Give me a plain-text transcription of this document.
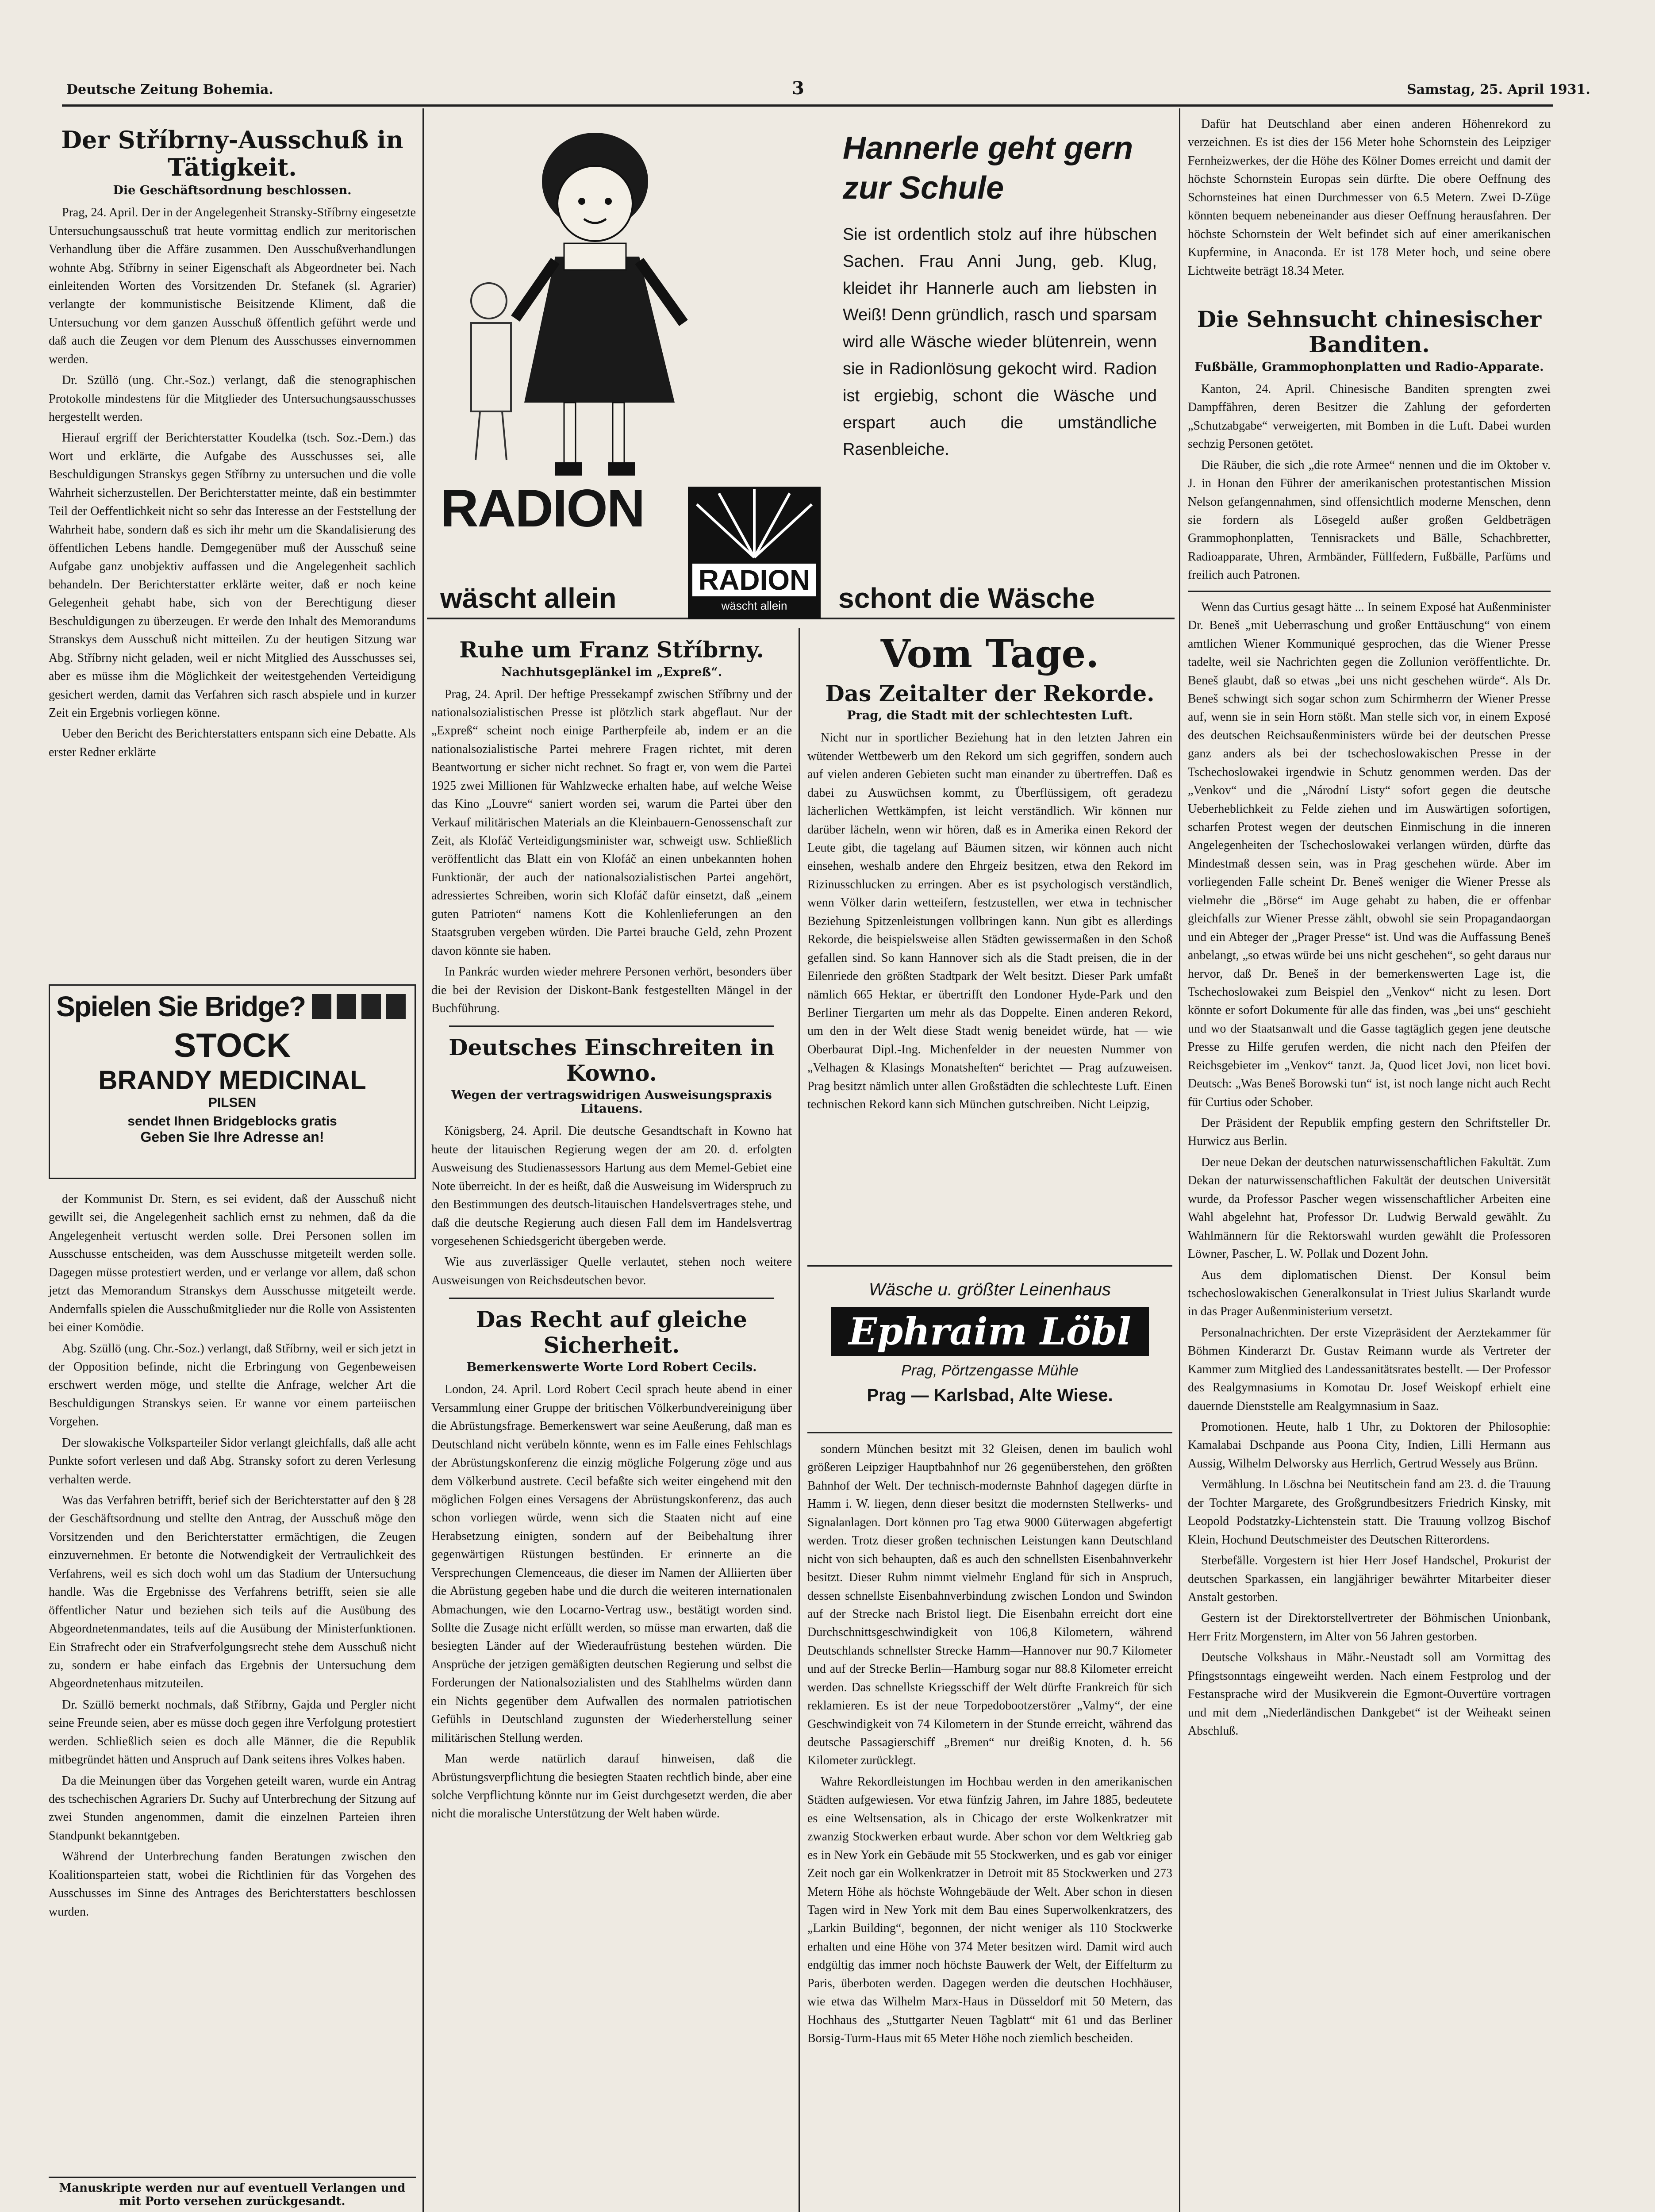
Deutsche Zeitung Bohemia.	3	Samstag, 25. April 1931.
Der Stříbrny-Ausschuß in Tätigkeit.
Die Geschäftsordnung beschlossen.

Prag, 24. April. Der in der Angelegenheit Stransky-Stříbrny eingesetzte Untersuchungsausschuß trat heute vormittag endlich zur meritorischen Verhandlung über die Affäre zusammen. Den Ausschußverhandlungen wohnte Abg. Stříbrny in seiner Eigenschaft als Abgeordneter bei. Nach einleitenden Worten des Vorsitzenden Dr. Stefanek (sl. Agrarier) verlangte der kommunistische Beisitzende Kliment, daß die Untersuchung vor dem ganzen Ausschuß öffentlich geführt werde und daß auch die Zeugen vor dem Plenum des Ausschusses einvernommen werden.

Dr. Szüllö (ung. Chr.-Soz.) verlangt, daß die stenographischen Protokolle mindestens für die Mitglieder des Untersuchungsausschusses hergestellt werden.

Hierauf ergriff der Berichterstatter Koudelka (tsch. Soz.-Dem.) das Wort und erklärte, die Aufgabe des Ausschusses sei, alle Beschuldigungen Stranskys gegen Stříbrny zu untersuchen und die volle Wahrheit sicherzustellen. Der Berichterstatter meinte, daß ein bestimmter Teil der Oeffentlichkeit nicht so sehr das Interesse an der Feststellung der Wahrheit habe, sondern daß es sich ihr mehr um die Skandalisierung des öffentlichen Lebens handle. Demgegenüber muß der Ausschuß seine Aufgabe ganz unobjektiv auffassen und die Angelegenheit sachlich behandeln. Der Berichterstatter erklärte weiter, daß er noch keine Gelegenheit gehabt habe, sich von der Berechtigung dieser Beschuldigungen zu überzeugen. Er werde den Inhalt des Memorandums Stranskys dem Ausschuß nicht mitteilen. Zu der heutigen Sitzung war Abg. Stříbrny nicht geladen, weil er nicht Mitglied des Ausschusses sei, aber es müsse ihm die Möglichkeit der weitestgehenden Verteidigung gesichert werden, damit das Verfahren sich rasch abspiele und in kurzer Zeit ein Ergebnis vorliegen könne.

Ueber den Bericht des Berichterstatters entspann sich eine Debatte. Als erster Redner erklärte

Spielen Sie Bridge?
STOCK
BRANDY MEDICINAL
PILSEN
sendet Ihnen Bridgeblocks gratis
Geben Sie Ihre Adresse an!

der Kommunist Dr. Stern, es sei evident, daß der Ausschuß nicht gewillt sei, die Angelegenheit sachlich ernst zu nehmen, daß da die Angelegenheit vertuscht werden solle. Drei Personen sollen im Ausschusse entscheiden, was dem Ausschusse mitgeteilt werden solle. Dagegen müsse protestiert werden, und er verlange vor allem, daß schon jetzt das Memorandum Stranskys dem Ausschusse mitgeteilt werde. Andernfalls spielen die Ausschußmitglieder nur die Rolle von Assistenten bei einer Komödie.

Abg. Szüllö (ung. Chr.-Soz.) verlangt, daß Stříbrny, weil er sich jetzt in der Opposition befinde, nicht die Erbringung von Gegenbeweisen erschwert werden möge, und stellte die Anfrage, welcher Art die Beschuldigungen Stranskys seien. Er wanne vor einem parteiischen Vorgehen.

Der slowakische Volksparteiler Sidor verlangt gleichfalls, daß alle acht Punkte sofort verlesen und daß Abg. Stransky sofort zu deren Verlesung verhalten werde.

Was das Verfahren betrifft, berief sich der Berichterstatter auf den § 28 der Geschäftsordnung und stellte den Antrag, der Ausschuß möge den Vorsitzenden und den Berichterstatter ermächtigen, die Zeugen einzuvernehmen. Er betonte die Notwendigkeit der Vertraulichkeit des Verfahrens, weil es sich doch wohl um das Stadium der Untersuchung handle. Was die Ergebnisse des Verfahrens betrifft, seien sie alle öffentlicher Natur und beziehen sich teils auf die Ausübung des Abgeordnetenmandates, teils auf die Ausübung der Ministerfunktionen. Ein Strafrecht oder ein Strafverfolgungsrecht stehe dem Ausschuß nicht zu, sondern er habe einfach das Ergebnis der Untersuchung dem Abgeordnetenhaus mitzuteilen.

Dr. Szüllö bemerkt nochmals, daß Stříbrny, Gajda und Pergler nicht seine Freunde seien, aber es müsse doch gegen ihre Verfolgung protestiert werden. Schließlich seien es doch alle Männer, die die Republik mitbegründet hätten und Anspruch auf Dank seitens ihres Volkes haben.

Da die Meinungen über das Vorgehen geteilt waren, wurde ein Antrag des tschechischen Agrariers Dr. Suchy auf Unterbrechung der Sitzung auf zwei Stunden angenommen, damit die einzelnen Parteien ihren Standpunkt bekanntgeben.

Während der Unterbrechung fanden Beratungen zwischen den Koalitionsparteien statt, wobei die Richtlinien für das Vorgehen des Ausschusses im Sinne des Antrages des Berichterstatters beschlossen wurden.

Manuskripte werden nur auf eventuell Verlangen und mit Porto versehen zurückgesandt.
RADION
RADION
wäscht allein
wäscht allein	schont die Wäsche
Hannerle geht gern zur Schule
Sie ist ordentlich stolz auf ihre hübschen Sachen. Frau Anni Jung, geb. Klug, kleidet ihr Hannerle auch am liebsten in Weiß! Denn gründlich, rasch und sparsam wird alle Wäsche wieder blütenrein, wenn sie in Radionlösung gekocht wird. Radion ist ergiebig, schont die Wäsche und erspart auch die umständliche Rasenbleiche.
Ruhe um Franz Stříbrny.
Nachhutsgeplänkel im „Expreß“.

Prag, 24. April. Der heftige Pressekampf zwischen Stříbrny und der nationalsozialistischen Presse ist plötzlich stark abgeflaut. Nur der „Expreß“ scheint noch einige Partherpfeile ab, indem er an die nationalsozialistische Partei mehrere Fragen richtet, mit deren Beantwortung er sicher nicht rechnet. So fragt er, von wem die Partei 1925 zwei Millionen für Wahlzwecke erhalten habe, auf welche Weise das Kino „Louvre“ saniert worden sei, warum die Partei über den Verkauf militärischen Materials an die Kleinbauern-Genossenschaft zur Zeit, als Klofáč Verteidigungsminister war, schweigt usw. Schließlich veröffentlicht das Blatt ein von Klofáč an einen unbekannten hohen Funktionär, der auch der nationalsozialistischen Partei angehört, adressiertes Schreiben, worin sich Klofáč dafür einsetzt, daß „einem guten Patrioten“ namens Kott die Kohlenlieferungen an den Staatsgruben vergeben würden. Die Partei brauche Geld, zehn Prozent davon könnte sie haben.

In Pankrác wurden wieder mehrere Personen verhört, besonders über die bei der Revision der Diskont-Bank festgestellten Mängel in der Buchführung.

Deutsches Einschreiten in Kowno.
Wegen der vertragswidrigen Ausweisungspraxis Litauens.

Königsberg, 24. April. Die deutsche Gesandtschaft in Kowno hat heute der litauischen Regierung wegen der am 20. d. erfolgten Ausweisung des Studienassessors Hartung aus dem Memel-Gebiet eine Note überreicht. In der es heißt, daß die Ausweisung im Widerspruch zu den Bestimmungen des deutsch-litauischen Handelsvertrages stehe, und daß die deutsche Regierung auch diesen Fall dem im Handelsvertrag vorgesehenen Schiedsgericht übergeben werde.

Wie aus zuverlässiger Quelle verlautet, stehen noch weitere Ausweisungen von Reichsdeutschen bevor.

Das Recht auf gleiche Sicherheit.
Bemerkenswerte Worte Lord Robert Cecils.

London, 24. April. Lord Robert Cecil sprach heute abend in einer Versammlung einer Gruppe der britischen Völkerbundvereinigung über die Abrüstungsfrage. Bemerkenswert war seine Aeußerung, daß man es Deutschland nicht verübeln könnte, wenn es im Falle eines Fehlschlags der Abrüstungskonferenz die einzig mögliche Folgerung zöge und aus dem Völkerbund austrete. Cecil befaßte sich weiter eingehend mit den möglichen Folgen eines Versagens der Abrüstungskonferenz, das auch schon vorliegen würde, wenn sich die Staaten nicht auf eine Herabsetzung einigten, sondern auf der Beibehaltung ihrer gegenwärtigen Rüstungen bestünden. Er erinnerte an die Versprechungen Clemenceaus, die dieser im Namen der Alliierten über die Abrüstung gegeben habe und die durch die weiteren internationalen Abmachungen, wie den Locarno-Vertrag usw., bestätigt worden sind. Sollte die Zusage nicht erfüllt werden, so müsse man erwarten, daß die besiegten Länder auf der Wiederaufrüstung bestehen würden. Die Ansprüche der jetzigen gemäßigten deutschen Regierung und selbst die Forderungen der Nationalsozialisten und des Stahlhelms würden dann ein Nichts gegenüber dem Aufwallen des normalen patriotischen Gefühls in Deutschland zugunsten der Wiederherstellung seiner militärischen Stellung werden.

Man werde natürlich darauf hinweisen, daß die Abrüstungsverpflichtung die besiegten Staaten rechtlich binde, aber eine solche Verpflichtung könnte nur im Geist durchgesetzt werden, die aber nicht die moralische Unterstützung der Welt haben würde.

Vom Tage.
Das Zeitalter der Rekorde.
Prag, die Stadt mit der schlechtesten Luft.

Nicht nur in sportlicher Beziehung hat in den letzten Jahren ein wütender Wettbewerb um den Rekord um sich gegriffen, sondern auch auf vielen anderen Gebieten sucht man einander zu übertreffen. Daß es dabei zu Auswüchsen kommt, zu Überflüssigem, oft geradezu lächerlichen Wettkämpfen, ist leicht verständlich. Wir können nur darüber lächeln, wenn wir hören, daß es in Amerika einen Rekord der Leute gibt, die tagelang auf Bäumen sitzen, wir können auch nicht einsehen, weshalb andere den Ehrgeiz besitzen, etwa den Rekord im Rizinusschlucken zu erringen. Aber es ist psychologisch verständlich, wenn Völker darin wetteifern, festzustellen, wer etwa in technischer Beziehung Spitzenleistungen vollbringen kann. Nun gibt es allerdings Rekorde, die beispielsweise allen Städten gewissermaßen in den Schoß gefallen sind. So kann Hannover sich als die Stadt preisen, die in der Eilenriede den größten Stadtpark der Welt besitzt. Dieser Park umfaßt nämlich 665 Hektar, er übertrifft den Londoner Hyde-Park und den Berliner Tiergarten um mehr als das Doppelte. Einen anderen Rekord, um den in der Welt diese Stadt wenig beneidet würde, hat — wie Oberbaurat Dipl.-Ing. Michenfelder in der neuesten Nummer von „Velhagen & Klasings Monatsheften“ berichtet — Prag aufzuweisen. Prag besitzt nämlich unter allen Großstädten die schlechteste Luft. Einen technischen Rekord kann sich München gutschreiben. Nicht Leipzig,

Wäsche u. größter Leinenhaus
Ephraim Löbl
Prag, Pörtzengasse Mühle
Prag — Karlsbad, Alte Wiese.

sondern München besitzt mit 32 Gleisen, denen im baulich wohl größeren Leipziger Hauptbahnhof nur 26 gegenüberstehen, den größten Bahnhof der Welt. Der technisch-modernste Bahnhof dagegen dürfte in Hamm i. W. liegen, denn dieser besitzt die modernsten Stellwerks- und Signalanlagen. Dort können pro Tag etwa 9000 Güterwagen abgefertigt werden. Trotz dieser großen technischen Leistungen kann Deutschland nicht von sich behaupten, daß es auch den schnellsten Eisenbahnverkehr besitzt. Dieser Ruhm nimmt vielmehr England für sich in Anspruch, dessen schnellste Eisenbahnverbindung zwischen London und Swindon auf der Strecke nach Bristol liegt. Die Eisenbahn erreicht dort eine Durchschnittsgeschwindigkeit von 106,8 Kilometern, während Deutschlands schnellster Strecke Hamm—Hannover nur 90.7 Kilometer und auf der Strecke Berlin—Hamburg sogar nur 88.8 Kilometer erreicht werden. Das schnellste Kriegsschiff der Welt dürfte Frankreich für sich reklamieren. Es ist der neue Torpedobootzerstörer „Valmy“, der eine Geschwindigkeit von 74 Kilometern in der Stunde erreicht, während das deutsche Passagierschiff „Bremen“ nur dreißig Knoten, d. h. 56 Kilometer zurücklegt.

Wahre Rekordleistungen im Hochbau werden in den amerikanischen Städten aufgewiesen. Vor etwa fünfzig Jahren, im Jahre 1885, bedeutete es eine Weltsensation, als in Chicago der erste Wolkenkratzer mit zwanzig Stockwerken erbaut wurde. Aber schon vor dem Weltkrieg gab es in New York ein Gebäude mit 55 Stockwerken, und es gab vor einiger Zeit noch gar ein Wolkenkratzer in Detroit mit 85 Stockwerken und 273 Metern Höhe als höchste Wohngebäude der Welt. Aber schon in diesen Tagen wird in New York mit dem Bau eines Superwolkenkratzers, des „Larkin Building“, begonnen, der nicht weniger als 110 Stockwerke erhalten und eine Höhe von 374 Meter besitzen wird. Damit wird auch endgültig das immer noch höchste Bauwerk der Welt, der Eiffelturm zu Paris, überboten werden. Dagegen werden die deutschen Hochhäuser, wie etwa das Wilhelm Marx-Haus in Düsseldorf mit 50 Metern, das Hochhaus des „Stuttgarter Neuen Tagblatt“ mit 61 und das Berliner Borsig-Turm-Haus mit 65 Meter Höhe noch ziemlich bescheiden.

Dafür hat Deutschland aber einen anderen Höhenrekord zu verzeichnen. Es ist dies der 156 Meter hohe Schornstein des Leipziger Fernheizwerkes, der die Höhe des Kölner Domes erreicht und damit der höchste Schornstein Europas sein dürfte. Die obere Oeffnung des Schornsteines hat einen Durchmesser von 6.5 Metern. Zwei D-Züge könnten bequem nebeneinander aus dieser Oeffnung herausfahren. Der höchste Schornstein der Welt befindet sich auf einer amerikanischen Kupfermine, in Anaconda. Er ist 178 Meter hoch, und seine obere Lichtweite beträgt 18.34 Meter.

Die Sehnsucht chinesischer Banditen.
Fußbälle, Grammophonplatten und Radio-Apparate.

Kanton, 24. April. Chinesische Banditen sprengten zwei Dampffähren, deren Besitzer die Zahlung der geforderten „Schutzabgabe“ verweigerten, mit Bomben in die Luft. Dabei wurden sechzig Personen getötet.

Die Räuber, die sich „die rote Armee“ nennen und die im Oktober v. J. in Honan den Führer der amerikanischen protestantischen Mission Nelson gefangennahmen, sind offensichtlich moderne Menschen, denn sie fordern als Lösegeld außer großen Geldbeträgen Grammophonplatten, Tennisrackets und Bälle, Schachbretter, Radioapparate, Uhren, Armbänder, Füllfedern, Fußbälle, Parfüms und freilich auch Patronen.

Wenn das Curtius gesagt hätte ... In seinem Exposé hat Außenminister Dr. Beneš „mit Ueberraschung und großer Enttäuschung“ von einem amtlichen Wiener Kommuniqué gesprochen, das die Wiener Presse tadelte, weil sie Nachrichten gegen die Zollunion veröffentlichte. Dr. Beneš glaubt, daß so etwas „bei uns nicht geschehen würde“. Als Dr. Beneš schwingt sich sogar schon zum Schirmherrn der Wiener Presse auf, wenn sie in sein Horn stößt. Man stelle sich vor, in einem Exposé des deutschen Reichsaußenministers würde bei der deutschen Presse ganz anders als bei der tschechoslowakischen Presse in der Tschechoslowakei irgendwie in Schutz genommen werden. Das der „Venkov“ und die „Národní Listy“ sofort gegen die deutsche Ueberheblichkeit zu Felde ziehen und im Auswärtigen sofortigen, scharfen Protest wegen der deutschen Einmischung in die inneren Angelegenheiten der Tschechoslowakei verlangen würden, dürfte das Mindestmaß dessen sein, was in Prag geschehen würde. Aber im vorliegenden Falle scheint Dr. Beneš weniger die Wiener Presse als vielmehr die „Börse“ im Auge gehabt zu haben, die er offenbar gleichfalls zur Wiener Presse zählt, obwohl sie sein Propagandaorgan und ein Abteger der „Prager Presse“ ist. Und was die Auffassung Beneš anbelangt, „so etwas würde bei uns nicht geschehen“, so geht daraus nur hervor, daß Dr. Beneš in der bemerkenswerten Lage ist, die Tschechoslowakei zum Beispiel den „Venkov“ nicht zu lesen. Dort könnte er sofort Dokumente für alle das finden, was „bei uns“ geschieht und wo der Staatsanwalt und die Gasse tagtäglich gegen jene deutsche Presse zu Hilfe gerufen werden, die nicht nach den Pfeifen der Reichsgebieter im „Venkov“ tanzt. Ja, Quod licet Jovi, non licet bovi. Deutsch: „Was Beneš Borowski tun“ ist, ist noch lange nicht auch Recht für Curtius oder Schober.

Der Präsident der Republik empfing gestern den Schriftsteller Dr. Hurwicz aus Berlin.

Der neue Dekan der deutschen naturwissenschaftlichen Fakultät. Zum Dekan der naturwissenschaftlichen Fakultät der deutschen Universität wurde, da Professor Pascher wegen wissenschaftlicher Arbeiten eine Wahl abgelehnt hat, Professor Dr. Ludwig Berwald gewählt. Zu Wahlmännern für die Rektorswahl wurden gewählt die Professoren Löwner, Pascher, L. W. Pollak und Dozent John.

Aus dem diplomatischen Dienst. Der Konsul beim tschechoslowakischen Generalkonsulat in Triest Julius Skarlandt wurde in das Prager Außenministerium versetzt.

Personalnachrichten. Der erste Vizepräsident der Aerztekammer für Böhmen Kinderarzt Dr. Gustav Reimann wurde als Vertreter der Kammer zum Mitglied des Landessanitätsrates bestellt. — Der Professor des Realgymnasiums in Komotau Dr. Josef Weiskopf erhielt eine dauernde Dienststelle am Realgymnasium in Saaz.

Promotionen. Heute, halb 1 Uhr, zu Doktoren der Philosophie: Kamalabai Dschpande aus Poona City, Indien, Lilli Hermann aus Aussig, Wilhelm Delworsky aus Herrlich, Gertrud Wessely aus Brünn.

Vermählung. In Löschna bei Neutitschein fand am 23. d. die Trauung der Tochter Margarete, des Großgrundbesitzers Friedrich Kinsky, mit Leopold Podstatzky-Lichtenstein statt. Die Trauung vollzog Bischof Klein, Hochund Deutschmeister des Deutschen Ritterordens.

Sterbefälle. Vorgestern ist hier Herr Josef Handschel, Prokurist der deutschen Sparkassen, ein langjähriger bewährter Mitarbeiter dieser Anstalt gestorben.

Gestern ist der Direktorstellvertreter der Böhmischen Unionbank, Herr Fritz Morgenstern, im Alter von 56 Jahren gestorben.

Deutsche Volkshaus in Mähr.-Neustadt soll am Vormittag des Pfingstsonntags eingeweiht werden. Nach einem Festprolog und der Festansprache wird der Musikverein die Egmont-Ouvertüre vortragen und mit dem „Niederländischen Dankgebet“ ist der Weiheakt seinen Abschluß.
